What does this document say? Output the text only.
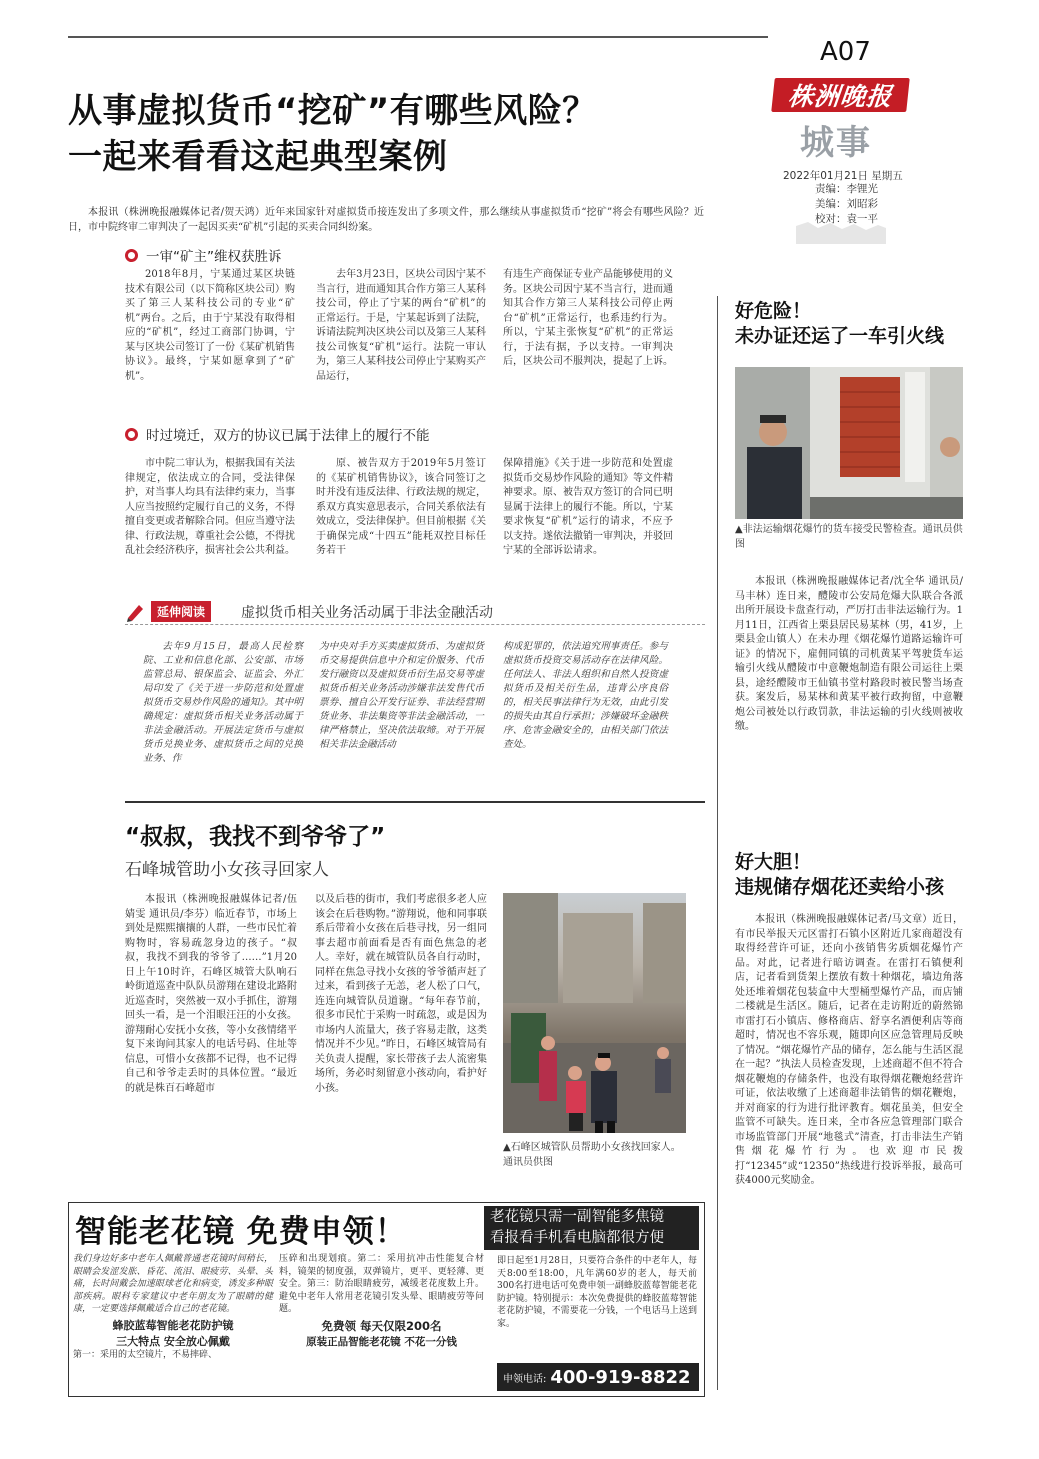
A07
株洲晚报
城事
2022年01月21日 星期五
责编：李锂光
美编：刘昭彩
校对：袁一平
从事虚拟货币“挖矿”有哪些风险？
一起来看看这起典型案例

本报讯（株洲晚报融媒体记者/贺天鸿）近年来国家针对虚拟货币接连发出了多项文件，那么继续从事虚拟货币“挖矿”将会有哪些风险？近日，市中院终审二审判决了一起因买卖“矿机”引起的买卖合同纠纷案。

一审“矿主”维权获胜诉

2018年8月，宁某通过某区块链技术有限公司（以下简称区块公司）购买了第三人某科技公司的专业“矿机”两台。之后，由于宁某没有取得相应的“矿机”，经过工商部门协调，宁某与区块公司签订了一份《某矿机销售协议》。最终，宁某如愿拿到了“矿机”。

去年3月23日，区块公司因宁某不当言行，进而通知其合作方第三人某科技公司，停止了宁某的两台“矿机”的正常运行。于是，宁某起诉到了法院，诉请法院判决区块公司以及第三人某科技公司恢复“矿机”运行。法院一审认为，第三人某科技公司停止宁某购买产品运行，

有违生产商保证专业产品能够使用的义务。区块公司因宁某不当言行，进而通知其合作方第三人某科技公司停止两台“矿机”正常运行，也系违约行为。所以，宁某主张恢复“矿机”的正常运行，于法有据，予以支持。一审判决后，区块公司不服判决，提起了上诉。

时过境迁，双方的协议已属于法律上的履行不能

市中院二审认为，根据我国有关法律规定，依法成立的合同，受法律保护，对当事人均具有法律约束力，当事人应当按照约定履行自己的义务，不得擅自变更或者解除合同。但应当遵守法律、行政法规，尊重社会公德，不得扰乱社会经济秩序，损害社会公共利益。

原、被告双方于2019年5月签订的《某矿机销售协议》，该合同签订之时并没有违反法律、行政法规的规定，系双方真实意思表示，合同关系依法有效成立，受法律保护。但目前根据《关于确保完成“十四五”能耗双控目标任务若干

保障措施》《关于进一步防范和处置虚拟货币交易炒作风险的通知》等文件精神要求。原、被告双方签订的合同已明显属于法律上的履行不能。所以，宁某要求恢复“矿机”运行的请求，不应予以支持。遂依法撤销一审判决，并驳回宁某的全部诉讼请求。

延伸阅读	虚拟货币相关业务活动属于非法金融活动

去年9月15日，最高人民检察院、工业和信息化部、公安部、市场监管总局、银保监会、证监会、外汇局印发了《关于进一步防范和处置虚拟货币交易炒作风险的通知》。其中明确规定：虚拟货币相关业务活动属于非法金融活动。开展法定货币与虚拟货币兑换业务、虚拟货币之间的兑换业务、作

为中央对手方买卖虚拟货币、为虚拟货币交易提供信息中介和定价服务、代币发行融资以及虚拟货币衍生品交易等虚拟货币相关业务活动涉嫌非法发售代币票券、擅自公开发行证券、非法经营期货业务、非法集资等非法金融活动，一律严格禁止，坚决依法取缔。对于开展相关非法金融活动

构成犯罪的，依法追究刑事责任。参与虚拟货币投资交易活动存在法律风险。任何法人、非法人组织和自然人投资虚拟货币及相关衍生品，违背公序良俗的，相关民事法律行为无效，由此引发的损失由其自行承担；涉嫌破坏金融秩序、危害金融安全的，由相关部门依法查处。

“叔叔，我找不到爷爷了”
石峰城管助小女孩寻回家人

本报讯（株洲晚报融媒体记者/伍婧雯 通讯员/李芬）临近春节，市场上到处是熙熙攘攘的人群，一些市民忙着购物时，容易疏忽身边的孩子。“叔叔，我找不到我的爷爷了……”1月20日上午10时许，石峰区城管大队响石岭街道巡查中队队员游翔在建设北路附近巡查时，突然被一双小手抓住，游翔回头一看，是一个泪眼汪汪的小女孩。游翔耐心安抚小女孩，等小女孩情绪平复下来询问其家人的电话号码、住址等信息，可惜小女孩都不记得，也不记得自己和爷爷走丢时的具体位置。“最近的就是株百石峰超市

以及后巷的街市，我们考虑很多老人应该会在后巷购物。”游翔说，他和同事联系后带着小女孩在后巷寻找，另一组同事去超市前面看是否有面色焦急的老人。幸好，就在城管队员各自行动时，同样在焦急寻找小女孩的爷爷循声赶了过来，看到孩子无恙，老人松了口气，连连向城管队员道谢。“每年春节前，很多市民忙于采购一时疏忽，或是因为市场内人流量大，孩子容易走散，这类情况并不少见。”昨日，石峰区城管局有关负责人提醒，家长带孩子去人流密集场所，务必时刻留意小孩动向，看护好小孩。

▲石峰区城管队员帮助小女孩找回家人。通讯员供图
好危险！
未办证还运了一车引火线
▲非法运输烟花爆竹的货车接受民警检查。通讯员供图

本报讯（株洲晚报融媒体记者/沈全华 通讯员/马丰林）连日来，醴陵市公安局危爆大队联合各派出所开展设卡盘查行动，严厉打击非法运输行为。1月11日，江西省上栗县居民易某林（男，41岁，上栗县金山镇人）在未办理《烟花爆竹道路运输许可证》的情况下，雇佣同镇的司机黄某平驾驶货车运输引火线从醴陵市中意鞭炮制造有限公司运往上栗县，途经醴陵市王仙镇书堂村路段时被民警当场查获。案发后，易某林和黄某平被行政拘留，中意鞭炮公司被处以行政罚款，非法运输的引火线则被收缴。

好大胆！
违规储存烟花还卖给小孩

本报讯（株洲晚报融媒体记者/马文章）近日，有市民举报天元区雷打石镇小区附近几家商超没有取得经营许可证，还向小孩销售劣质烟花爆竹产品。对此，记者进行暗访调查。在雷打石镇便利店，记者看到货架上摆放有数十种烟花，墙边角落处还堆着烟花包装盒中大型桶型爆竹产品，而店铺二楼就是生活区。随后，记者在走访附近的蔚然锦市雷打石小镇店、修格商店、舒享名酒便利店等商超时，情况也不容乐观，随即向区应急管理局反映了情况。“烟花爆竹产品的储存，怎么能与生活区混在一起？”执法人员检查发现，上述商超不但不符合烟花鞭炮的存储条件，也没有取得烟花鞭炮经营许可证，依法收缴了上述商超非法销售的烟花鞭炮，并对商家的行为进行批评教育。烟花虽美，但安全监管不可缺失。连日来，全市各应急管理部门联合市场监管部门开展“地毯式”清查，打击非法生产销售烟花爆竹行为。也欢迎市民拨打“12345”或“12350”热线进行投诉举报，最高可获4000元奖励金。

智能老花镜 免费申领！	老花镜只需一副智能多焦镜
看报看手机看电脑都很方便
我们身边好多中老年人佩戴普通老花镜时间稍长，眼睛会发涩发胀、昏花、流泪、眼疲劳、头晕、头痛，长时间戴会加速眼球老化和病变，诱发多种眼部疾病。眼科专家建议中老年朋友为了眼睛的健康，一定要选择佩戴适合自己的老花镜。
蜂胶蓝莓智能老花防护镜
三大特点 安全放心佩戴
第一：采用的太空镜片，不易摔碎、
压碎和出现划痕。第二：采用抗冲击性能复合材料，镜架的韧度强，双弹镜片，更平、更轻薄、更安全。第三：防治眼睛疲劳，减缓老花度数上升。避免中老年人常用老花镜引发头晕、眼睛疲劳等问题。
免费领 每天仅限200名
原装正品智能老花镜 不花一分钱
即日起至1月28日，只要符合条件的中老年人，每天8:00至18:00，凡年满60岁的老人，每天前300名打进电话可免费申领一副蜂胶蓝莓智能老花防护镜。特别提示：本次免费提供的蜂胶蓝莓智能老花防护镜，不需要花一分钱，一个电话马上送到家。
申领电话: 400-919-8822
